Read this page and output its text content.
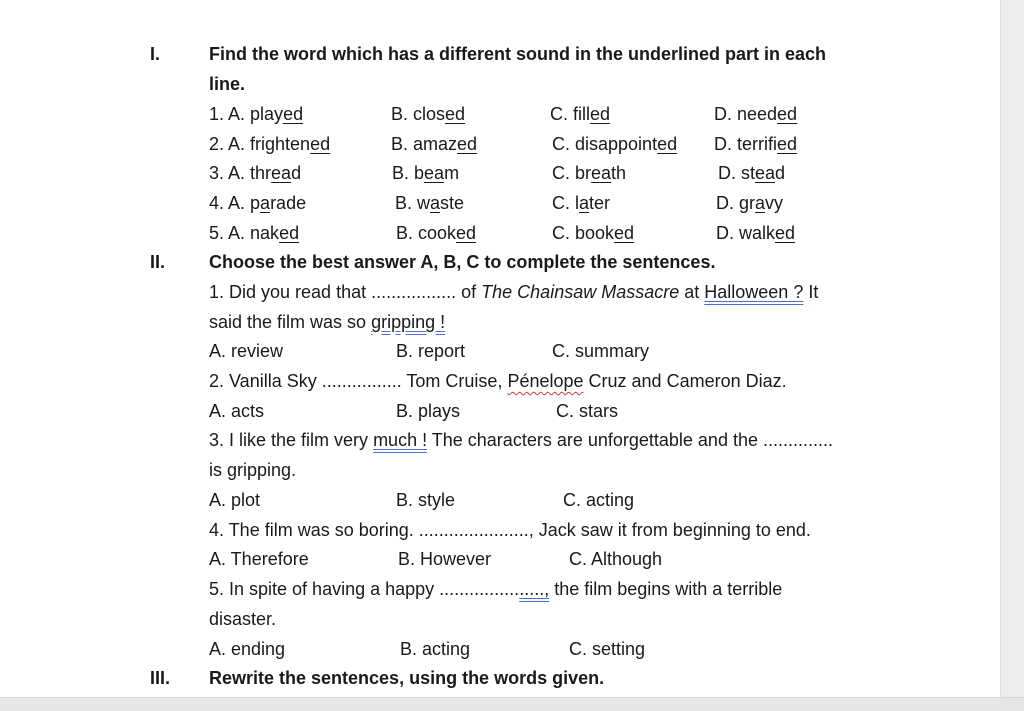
I.	Find the word which has a different sound in the underlined part in each
line.
1. A. played	B. closed	C. filled	D. needed
2. A. frightened	B. amazed	C. disappointed D. terrified
3. A. thread	B. beam	C. breath	D. stead
4. A. parade	B. waste	C. later	D. gravy
5. A. naked	B. cooked	C. booked	D. walked
II. Choose the best answer A, B, C to complete the sentences.
1. Did you read that ................. of The Chainsaw Massacre at Halloween ? It
said the film was so gripping !
A. review	B. report	C. summary
2. Vanilla Sky ................ Tom Cruise, Pénelope Cruz and Cameron Diaz.
A. acts	B. plays	C. stars
3. I like the film very much ! The characters are unforgettable and the ..............
is gripping.
A. plot	B. style	C. acting
4. The film was so boring. ......................, Jack saw it from beginning to end.
A. Therefore	B. However	C. Although
5. In spite of having a happy ....................., the film begins with a terrible
disaster.
A. ending	B. acting	C. setting
III. Rewrite the sentences, using the words given.
